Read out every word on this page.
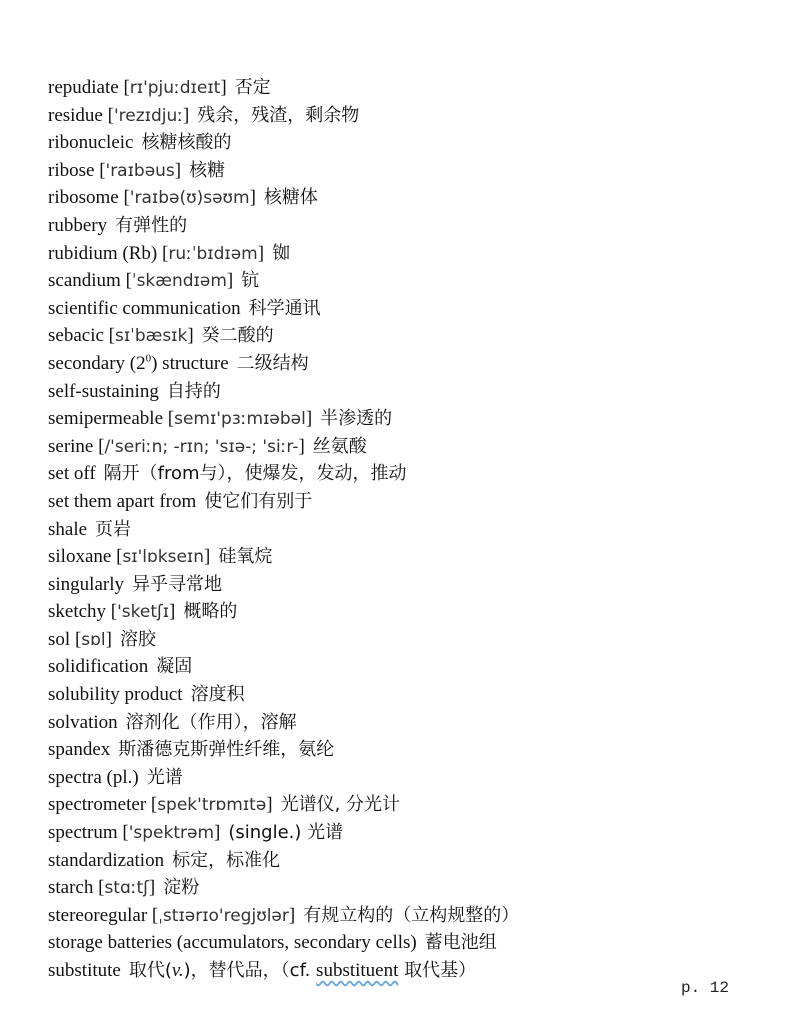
repudiate [rɪ'pjuːdɪeɪt] 否定
residue ['rezɪdjuː] 残余，残渣，剩余物
ribonucleic 核糖核酸的
ribose ['raɪbəus] 核糖
ribosome ['raɪbə(ʊ)səʊm] 核糖体
rubbery 有弹性的
rubidium (Rb) [ruːˈbɪdɪəm] 铷
scandium [ˈskændɪəm] 钪
scientific communication 科学通讯
sebacic [sɪˈbæsɪk] 癸二酸的
secondary $(2^0)$ structure 二级结构
self-sustaining 自持的
semipermeable [semɪ'pɜːmɪəbəl] 半渗透的
serine [/'seriːn; -rɪn; 'sɪə-; 'siːr-] 丝氨酸
set off 隔开（from与），使爆发，发动，推动
set them apart from 使它们有别于
shale 页岩
siloxane [sɪ'lɒkseɪn] 硅氧烷
singularly 异乎寻常地
sketchy ['sketʃɪ] 概略的
sol [sɒl] 溶胶
solidification 凝固
solubility product 溶度积
solvation 溶剂化（作用），溶解
spandex 斯潘德克斯弹性纤维，氨纶
spectra (pl.) 光谱
spectrometer [spek'trɒmɪtə] 光谱仪, 分光计
spectrum ['spektrəm] (single.) 光谱
standardization 标定，标准化
starch [stɑːtʃ] 淀粉
stereoregular [ˌstɪərɪo'regjʊlər] 有规立构的（立构规整的）
storage batteries (accumulators, secondary cells) 蓄电池组
substitute 取代(v.)，替代品，（cf. substituent 取代基）
p. 12
